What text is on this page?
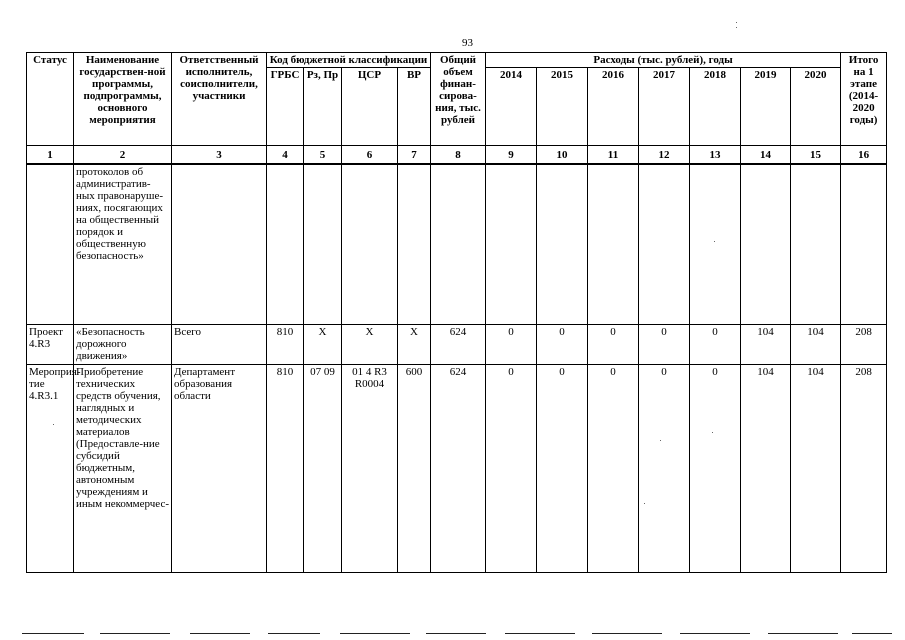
93
Статус	Наименование государствен-ной программы, подпрограммы, основного мероприятия	Ответственный исполнитель, соисполнители, участники	Код бюджетной классификации				Общий объем финан-сирова-ния, тыс. рублей	Расходы (тыс. рублей), годы							Итого на 1 этапе (2014-2020 годы)
			ГРБС	Рз, Пр	ЦСР	ВР		2014	2015	2016	2017	2018	2019	2020	
1	2	3	4	5	6	7	8	9	10	11	12	13	14	15	16
	протоколов об административ-ных правонаруше-ниях, посягающих на общественный порядок и общественную безопасность»														
Проект 4.R3	«Безопасность дорожного движения»	Всего	810	Х	Х	Х	624	0	0	0	0	0	104	104	208
Мероприя-тие 4.R3.1	Приобретение технических средств обучения, наглядных и методических материалов (Предоставле-ние субсидий бюджетным, автономным учреждениям и иным некоммерчес-	Департамент образования области	810	07 09	01 4 R3 R0004	600	624	0	0	0	0	0	104	104	208
